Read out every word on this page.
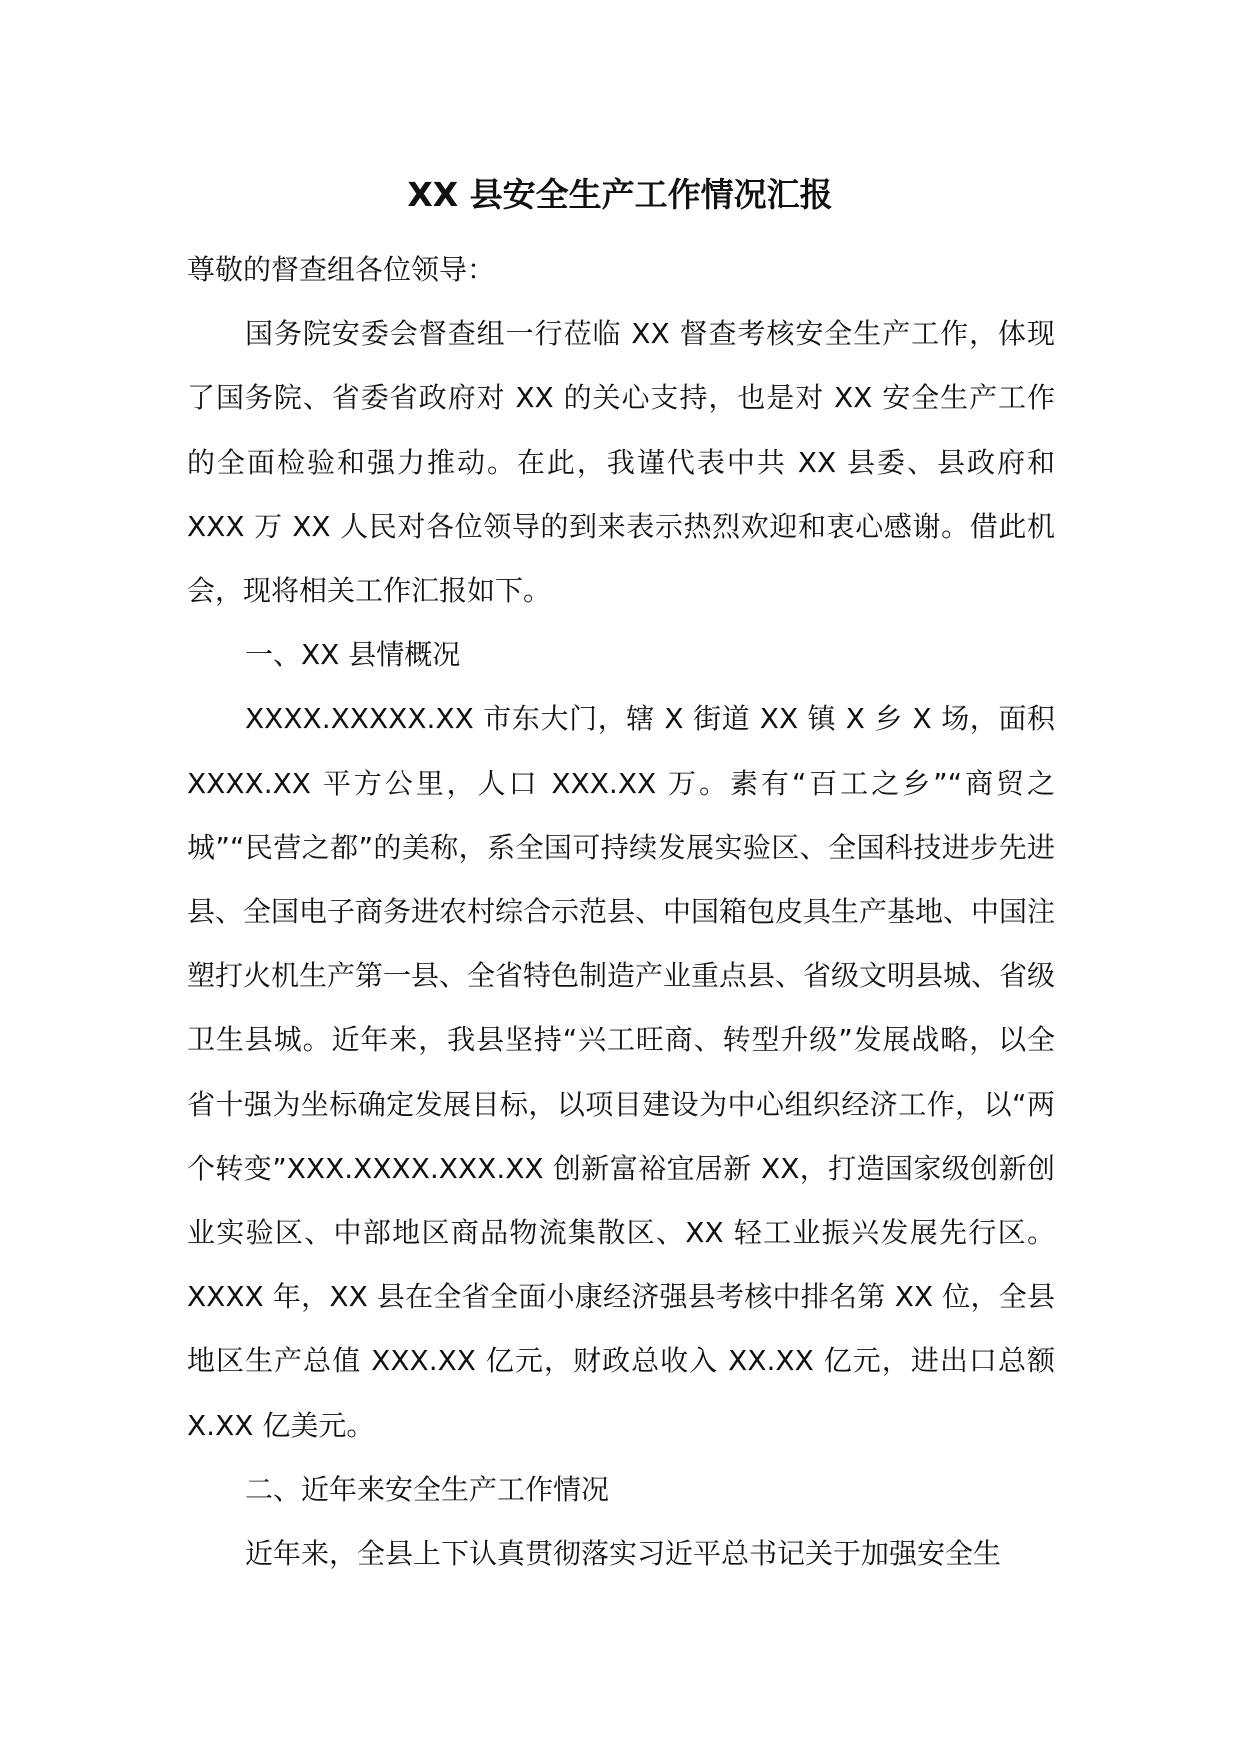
XX 县安全生产工作情况汇报

尊敬的督查组各位领导：

国务院安委会督查组一行莅临 XX 督查考核安全生产工作，体现了国务院、省委省政府对 XX 的关心支持，也是对 XX 安全生产工作的全面检验和强力推动。在此，我谨代表中共 XX 县委、县政府和 XXX 万 XX 人民对各位领导的到来表示热烈欢迎和衷心感谢。借此机会，现将相关工作汇报如下。

一、XX 县情概况

XXXX.XXXXX.XX 市东大门，辖 X 街道 XX 镇 X 乡 X 场，面积 XXXX.XX 平方公里，人口 XXX.XX 万。素有“百工之乡”“商贸之城”“民营之都”的美称，系全国可持续发展实验区、全国科技进步先进县、全国电子商务进农村综合示范县、中国箱包皮具生产基地、中国注塑打火机生产第一县、全省特色制造产业重点县、省级文明县城、省级卫生县城。近年来，我县坚持“兴工旺商、转型升级”发展战略，以全省十强为坐标确定发展目标，以项目建设为中心组织经济工作，以“两个转变”XXX.XXXX.XXX.XX 创新富裕宜居新 XX，打造国家级创新创业实验区、中部地区商品物流集散区、XX 轻工业振兴发展先行区。XXXX 年，XX 县在全省全面小康经济强县考核中排名第 XX 位，全县地区生产总值 XXX.XX 亿元，财政总收入 XX.XX 亿元，进出口总额 X.XX 亿美元。

二、近年来安全生产工作情况

近年来，全县上下认真贯彻落实习近平总书记关于加强安全生
